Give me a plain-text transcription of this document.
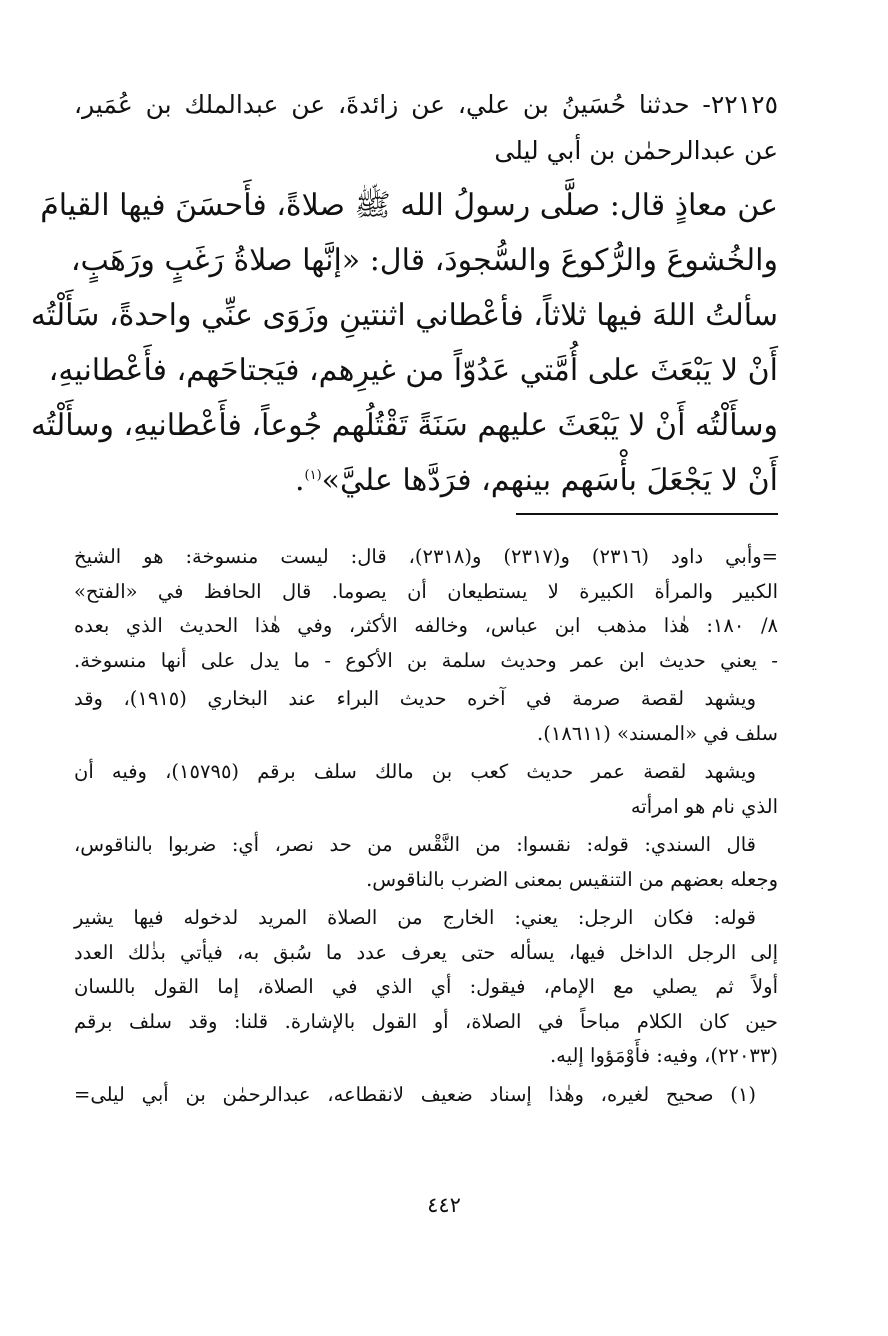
٢٢١٢٥- حدثنا حُسَينُ بن علي، عن زائدةَ، عن عبدالملك بن عُمَير،
عن عبدالرحمٰن بن أبي ليلى
عن معاذٍ قال: صلَّى رسولُ الله ﷺ صلاةً، فأَحسَنَ فيها القيامَ
والخُشوعَ والرُّكوعَ والسُّجودَ، قال: «إنَّها صلاةُ رَغَبٍ ورَهَبٍ،
سألتُ اللهَ فيها ثلاثاً، فأعْطاني اثنتينِ وزَوَى عنِّي واحدةً، سَأَلْتُه
أَنْ لا يَبْعَثَ على أُمَّتي عَدُوّاً من غيرِهم، فيَجتاحَهم، فأَعْطانيهِ،
وسأَلْتُه أَنْ لا يَبْعَثَ عليهم سَنَةً تَقْتُلُهم جُوعاً، فأَعْطانيهِ، وسأَلْتُه
أَنْ لا يَجْعَلَ بأْسَهم بينهم، فرَدَّها عليَّ»$^{(١)}$.
=وأبي داود (٢٣١٦) و(٢٣١٧) و(٢٣١٨)، قال: ليست منسوخة: هو الشيخ
الكبير والمرأة الكبيرة لا يستطيعان أن يصوما. قال الحافظ في «الفتح»
٨/ ١٨٠: هٰذا مذهب ابن عباس، وخالفه الأكثر، وفي هٰذا الحديث الذي بعده
- يعني حديث ابن عمر وحديث سلمة بن الأكوع - ما يدل على أنها منسوخة.
ويشهد لقصة صرمة في آخره حديث البراء عند البخاري (١٩١٥)، وقد
سلف في «المسند» (١٨٦١١).
ويشهد لقصة عمر حديث كعب بن مالك سلف برقم (١٥٧٩٥)، وفيه أن
الذي نام هو امرأته
قال السندي: قوله: نقسوا: من النَّقْس من حد نصر، أي: ضربوا بالناقوس،
وجعله بعضهم من التنقيس بمعنى الضرب بالناقوس.
قوله: فكان الرجل: يعني: الخارج من الصلاة المريد لدخوله فيها يشير
إلى الرجل الداخل فيها، يسأله حتى يعرف عدد ما سُبق به، فيأتي بذٰلك العدد
أولاً ثم يصلي مع الإمام، فيقول: أي الذي في الصلاة، إما القول باللسان
حين كان الكلام مباحاً في الصلاة، أو القول بالإشارة. قلنا: وقد سلف برقم
(٢٢٠٣٣)، وفيه: فأَوْمَؤوا إليه.
(١) صحيح لغيره، وهٰذا إسناد ضعيف لانقطاعه، عبدالرحمٰن بن أبي ليلى=
٤٤٢
